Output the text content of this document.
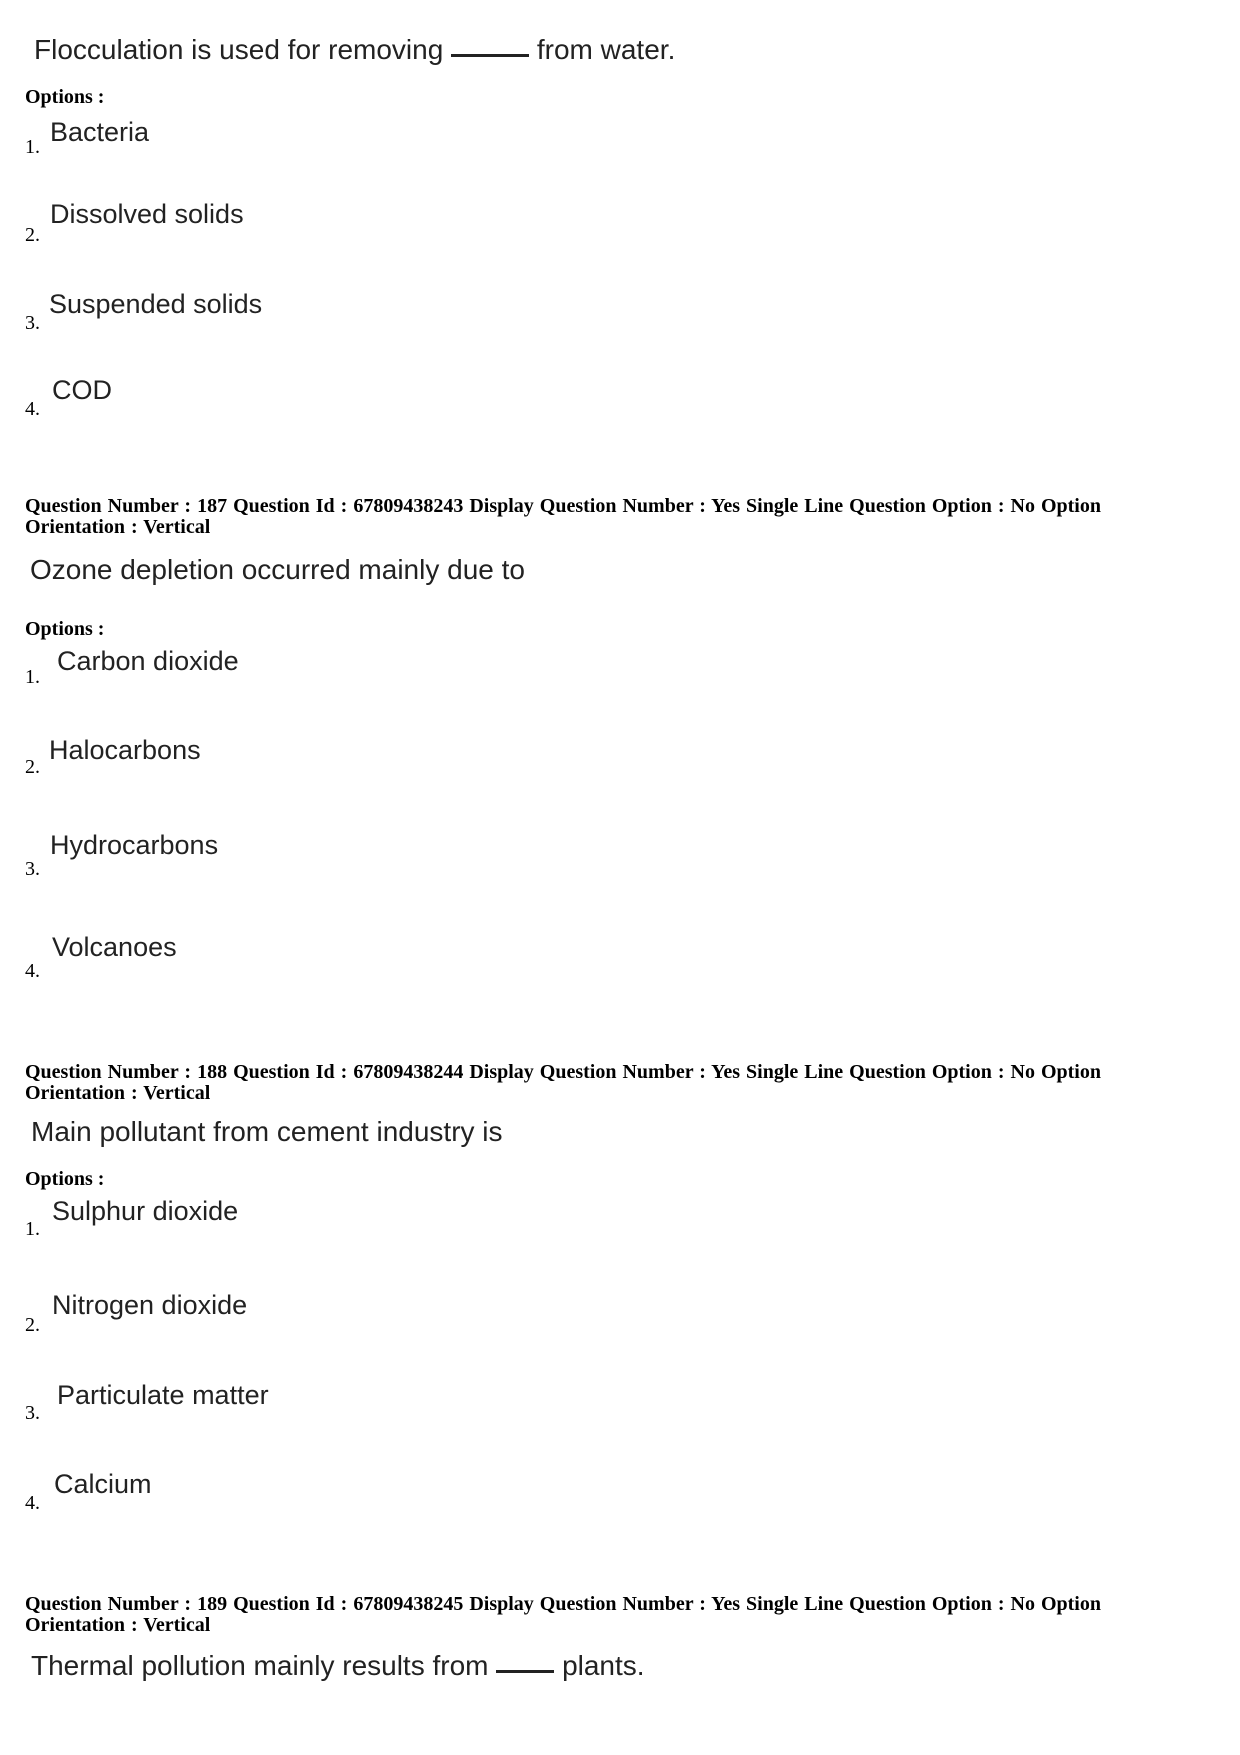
Flocculation is used for removing	from water.
Options :
1. Bacteria
2.
Dissolved solids
3.
Suspended solids
4.
COD
Question Number : 187 Question Id : 67809438243 Display Question Number : Yes Single Line Question Option : No Option
Orientation : Vertical
Ozone depletion occurred mainly due to
Options :
1.
Carbon dioxide
2.
Halocarbons
3.
Hydrocarbons
4.
Volcanoes
Question Number : 188 Question Id : 67809438244 Display Question Number : Yes Single Line Question Option : No Option
Orientation : Vertical
Main pollutant from cement industry is
Options :
1.
Sulphur dioxide
2.
Nitrogen dioxide
3.
Particulate matter
4.
Calcium
Question Number : 189 Question Id : 67809438245 Display Question Number : Yes Single Line Question Option : No Option
Orientation : Vertical
Thermal pollution mainly results from	plants.
